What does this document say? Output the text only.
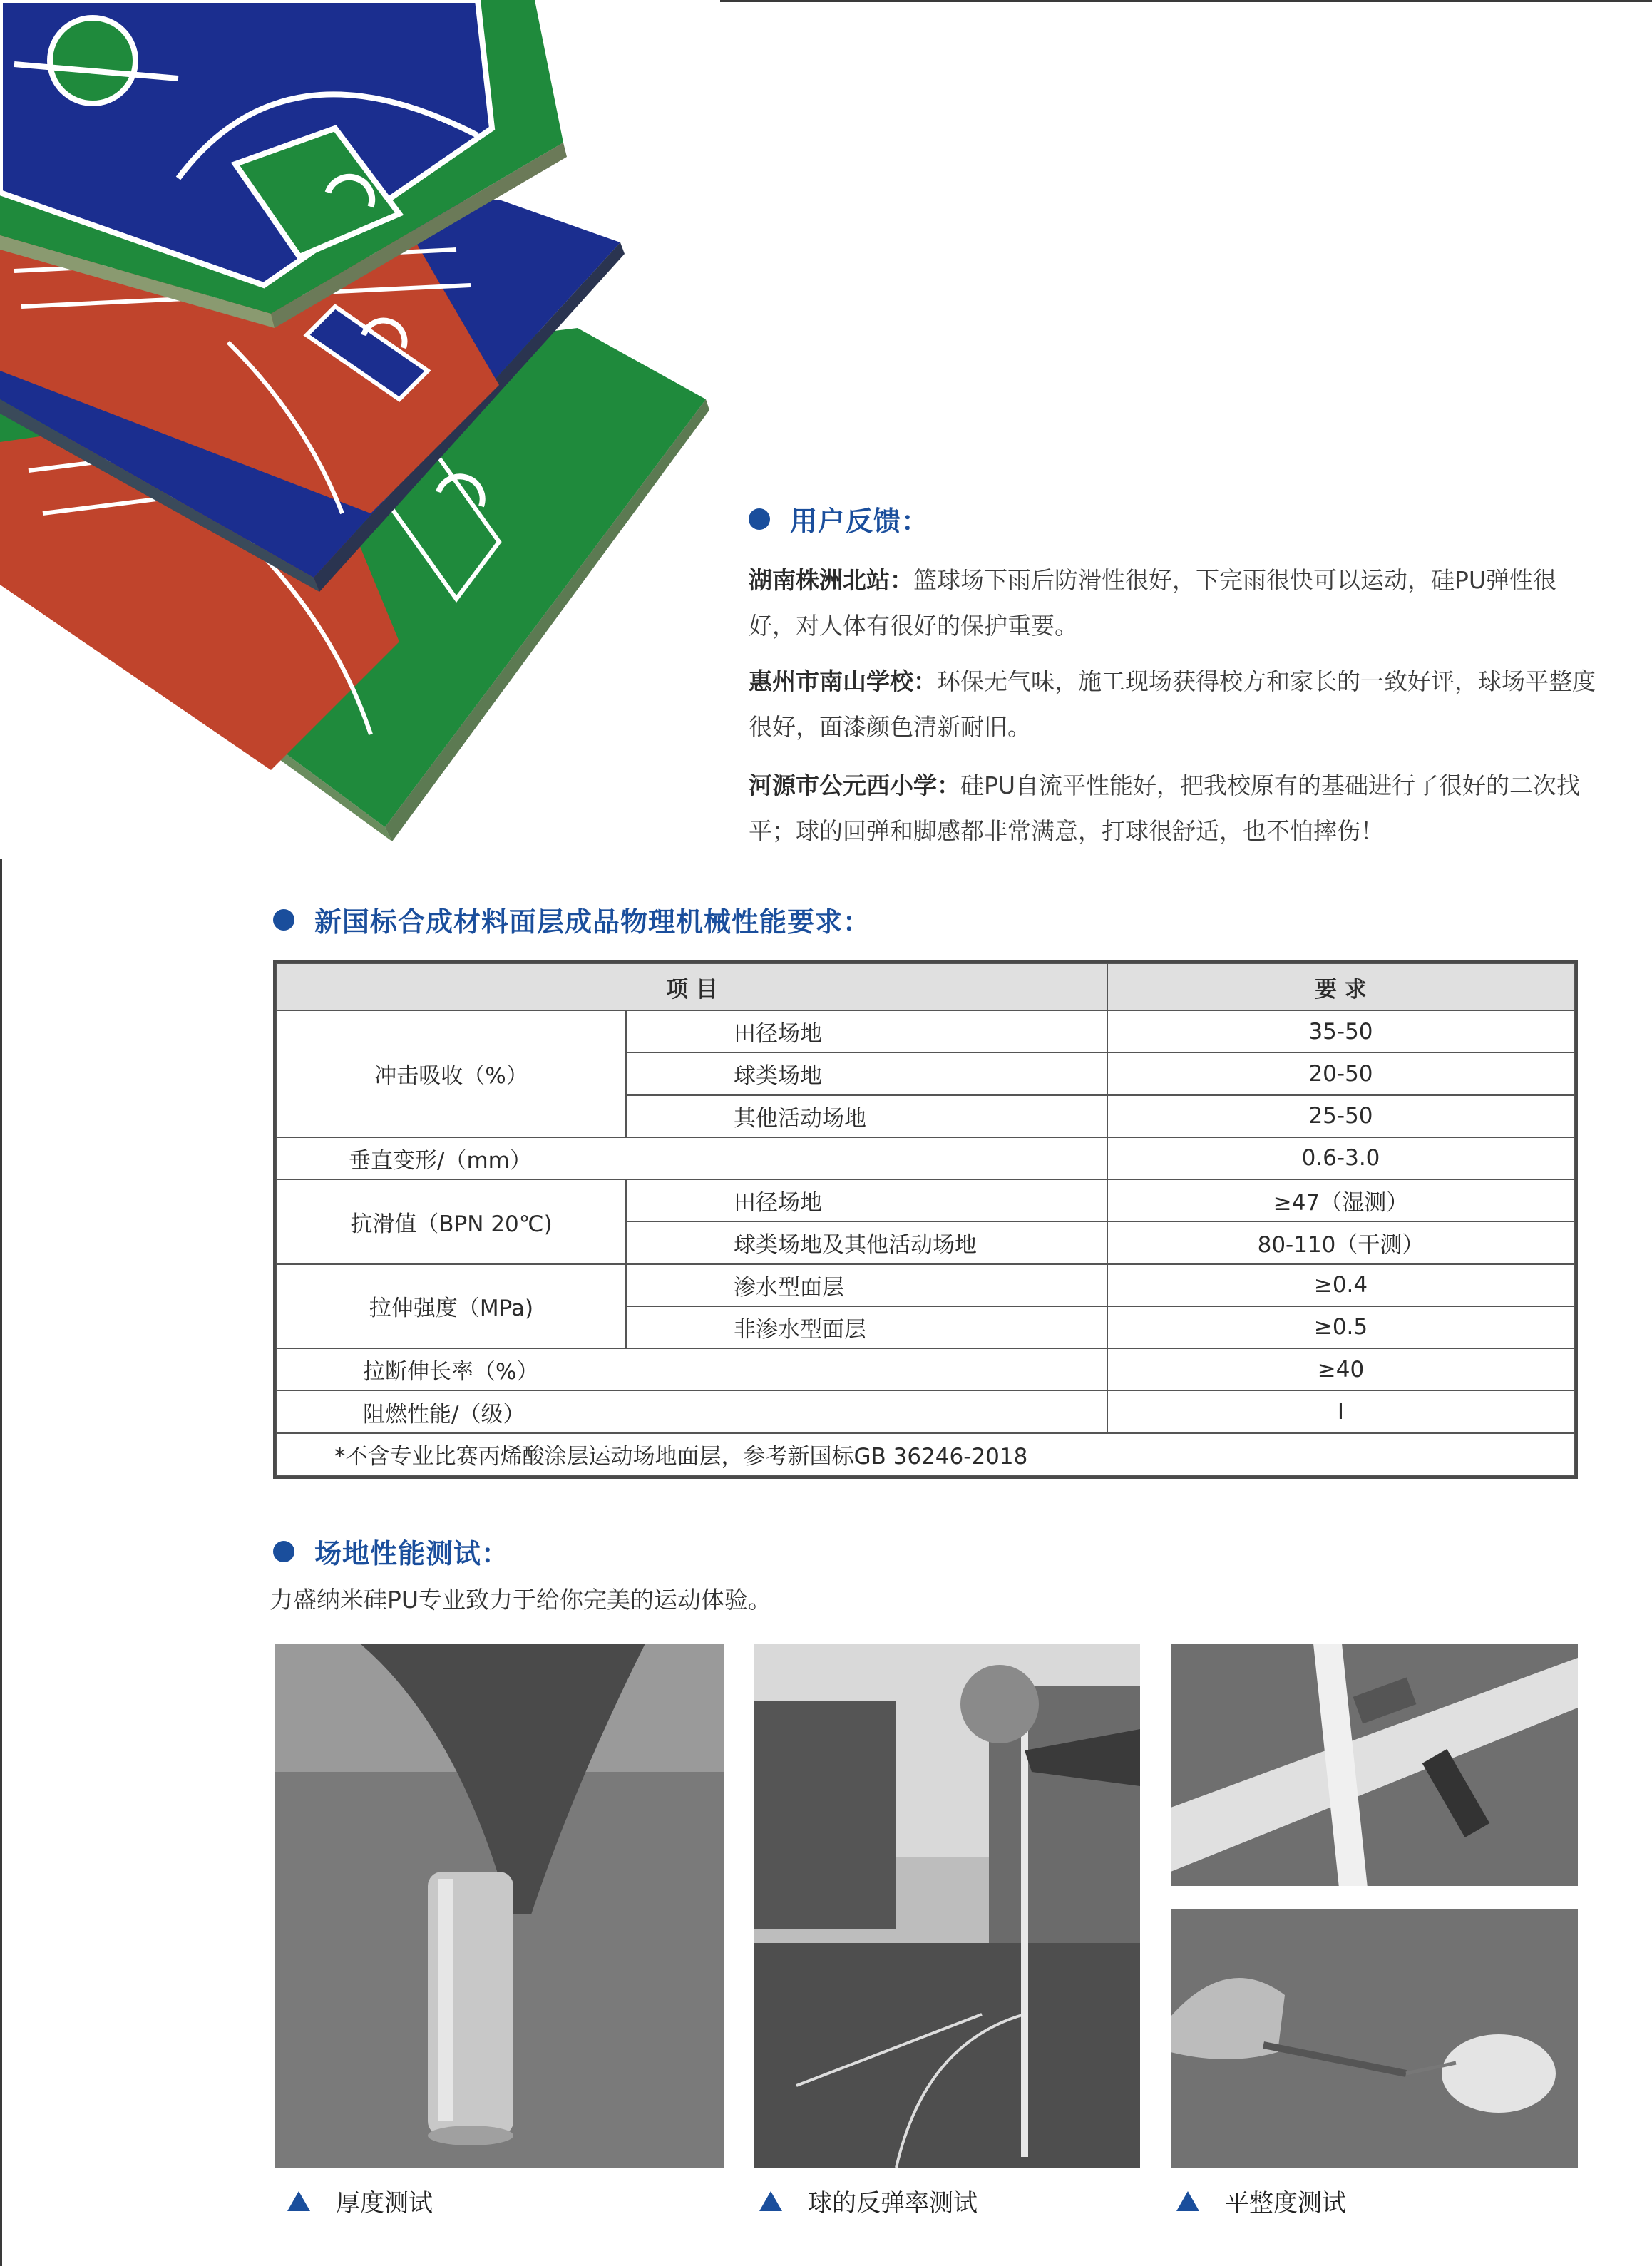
用户反馈：
湖南株洲北站：篮球场下雨后防滑性很好，下完雨很快可以运动，硅PU弹性很好，对人体有很好的保护重要。
惠州市南山学校：环保无气味，施工现场获得校方和家长的一致好评，球场平整度很好，面漆颜色清新耐旧。
河源市公元西小学：硅PU自流平性能好，把我校原有的基础进行了很好的二次找平；球的回弹和脚感都非常满意，打球很舒适，也不怕摔伤！
新国标合成材料面层成品物理机械性能要求：
项 目		要 求
冲击吸收（%）	田径场地	35-50
	球类场地	20-50
	其他活动场地	25-50
垂直变形/（mm）		0.6-3.0
抗滑值（BPN 20℃)	田径场地	≥47（湿测）
	球类场地及其他活动场地	80-110（干测）
拉伸强度（MPa)	渗水型面层	≥0.4
	非渗水型面层	≥0.5
拉断伸长率（%）		≥40
阻燃性能/（级）		I
*不含专业比赛丙烯酸涂层运动场地面层，参考新国标GB 36246-2018		
场地性能测试：
力盛纳米硅PU专业致力于给你完美的运动体验。
厚度测试	球的反弹率测试	平整度测试
